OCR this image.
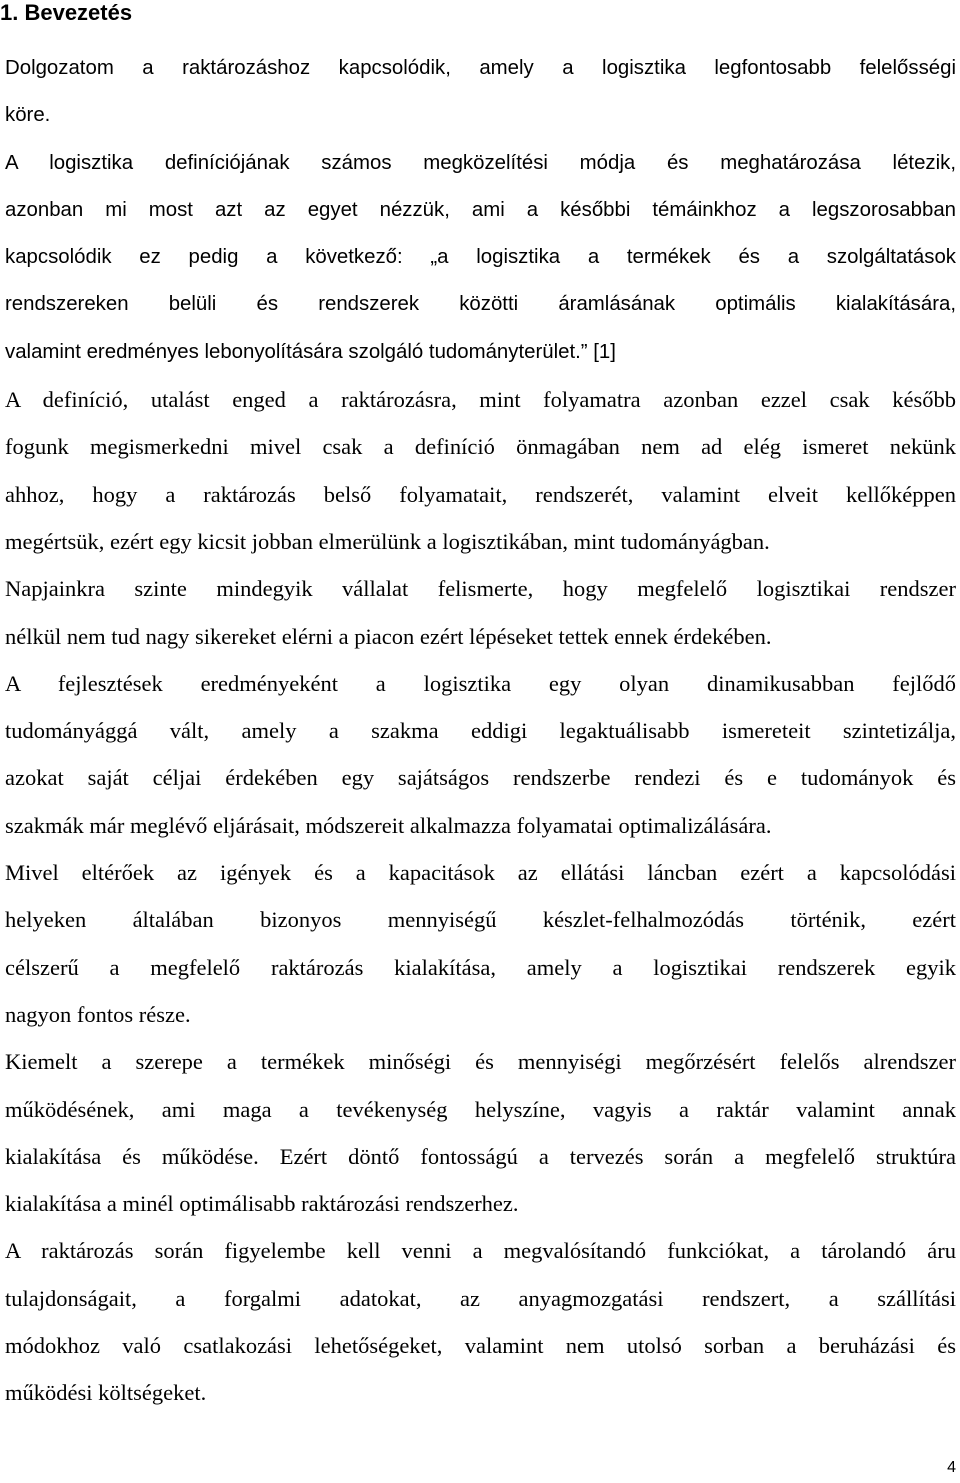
1. Bevezetés
Dolgozatom a raktározáshoz kapcsolódik, amely a logisztika legfontosabb felelősségi
köre.
A logisztika definíciójának számos megközelítési módja és meghatározása létezik,
azonban mi most azt az egyet nézzük, ami a későbbi témáinkhoz a legszorosabban
kapcsolódik ez pedig a következő: „a logisztika a termékek és a szolgáltatások
rendszereken belüli és rendszerek közötti áramlásának optimális kialakítására,
valamint eredményes lebonyolítására szolgáló tudományterület.” [1]
A definíció, utalást enged a raktározásra, mint folyamatra azonban ezzel csak később
fogunk megismerkedni mivel csak a definíció önmagában nem ad elég ismeret nekünk
ahhoz, hogy a raktározás belső folyamatait, rendszerét, valamint elveit kellőképpen
megértsük, ezért egy kicsit jobban elmerülünk a logisztikában, mint tudományágban.
Napjainkra szinte mindegyik vállalat felismerte, hogy megfelelő logisztikai rendszer
nélkül nem tud nagy sikereket elérni a piacon ezért lépéseket tettek ennek érdekében.
A fejlesztések eredményeként a logisztika egy olyan dinamikusabban fejlődő
tudományággá vált, amely a szakma eddigi legaktuálisabb ismereteit szintetizálja,
azokat saját céljai érdekében egy sajátságos rendszerbe rendezi és e tudományok és
szakmák már meglévő eljárásait, módszereit alkalmazza folyamatai optimalizálására.
Mivel eltérőek az igények és a kapacitások az ellátási láncban ezért a kapcsolódási
helyeken általában bizonyos mennyiségű készlet-felhalmozódás történik, ezért
célszerű a megfelelő raktározás kialakítása, amely a logisztikai rendszerek egyik
nagyon fontos része.
Kiemelt a szerepe a termékek minőségi és mennyiségi megőrzésért felelős alrendszer
működésének, ami maga a tevékenység helyszíne, vagyis a raktár valamint annak
kialakítása és működése. Ezért döntő fontosságú a tervezés során a megfelelő struktúra
kialakítása a minél optimálisabb raktározási rendszerhez.
A raktározás során figyelembe kell venni a megvalósítandó funkciókat, a tárolandó áru
tulajdonságait, a forgalmi adatokat, az anyagmozgatási rendszert, a szállítási
módokhoz való csatlakozási lehetőségeket, valamint nem utolsó sorban a beruházási és
működési költségeket.
4
